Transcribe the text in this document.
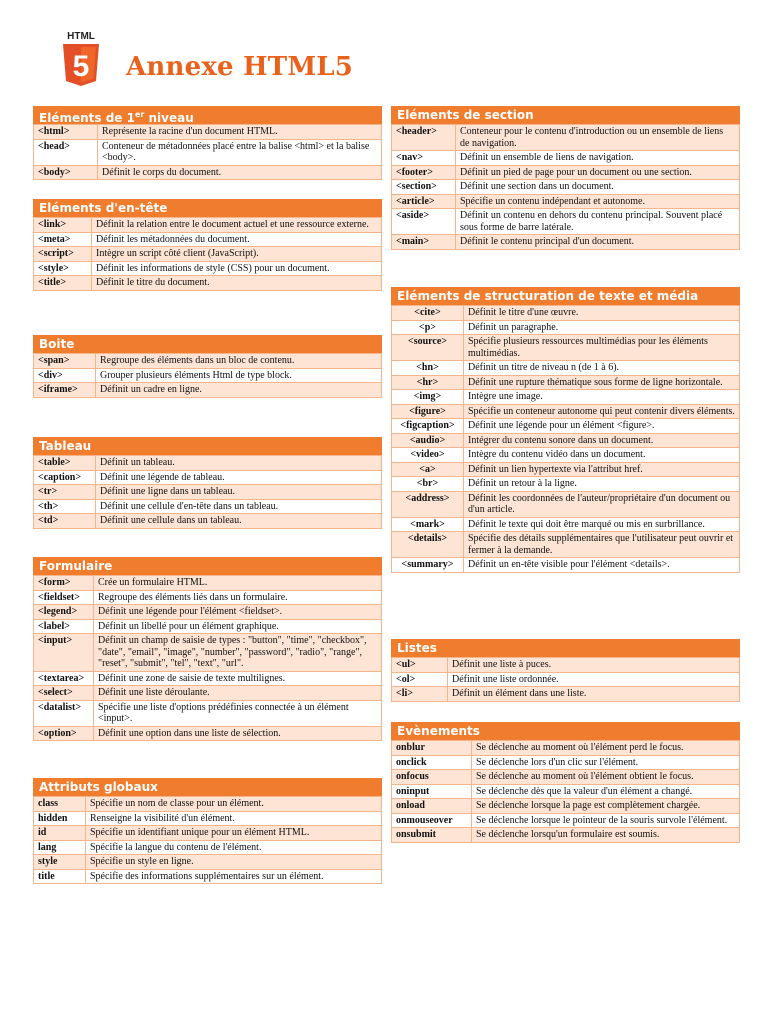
HTML
5 Annexe HTML5
Eléments de 1er niveau
<html>	Représente la racine d'un document HTML.
<head>	Conteneur de métadonnées placé entre la balise <html> et la balise <body>.
<body>	Définit le corps du document.
Eléments d'en-tête
<link>	Définit la relation entre le document actuel et une ressource externe.
<meta>	Définit les métadonnées du document.
<script>	Intègre un script côté client (JavaScript).
<style>	Définit les informations de style (CSS) pour un document.
<title>	Définit le titre du document.
Boite
<span>	Regroupe des éléments dans un bloc de contenu.
<div>	Grouper plusieurs éléments Html de type block.
<iframe>	Définit un cadre en ligne.
Tableau
<table>	Définit un tableau.
<caption>	Définit une légende de tableau.
<tr>	Définit une ligne dans un tableau.
<th>	Définit une cellule d'en-tête dans un tableau.
<td>	Définit une cellule dans un tableau.
Formulaire
<form>	Crée un formulaire HTML.
<fieldset>	Regroupe des éléments liés dans un formulaire.
<legend>	Définit une légende pour l'élément <fieldset>.
<label>	Définit un libellé pour un élément graphique.
<input>	Définit un champ de saisie de types : "button", "time", "checkbox", "date", "email", "image", "number", "password", "radio", "range", "reset", "submit", "tel", "text", "url".
<textarea>	Définit une zone de saisie de texte multilignes.
<select>	Définit une liste déroulante.
<datalist>	Spécifie une liste d'options prédéfinies connectée à un élément <input>.
<option>	Définit une option dans une liste de sélection.
Attributs globaux
class	Spécifie un nom de classe pour un élément.
hidden	Renseigne la visibilité d'un élément.
id	Spécifie un identifiant unique pour un élément HTML.
lang	Spécifie la langue du contenu de l'élément.
style	Spécifie un style en ligne.
title	Spécifie des informations supplémentaires sur un élément.
Eléments de section
<header>	Conteneur pour le contenu d'introduction ou un ensemble de liens de navigation.
<nav>	Définit un ensemble de liens de navigation.
<footer>	Définit un pied de page pour un document ou une section.
<section>	Définit une section dans un document.
<article>	Spécifie un contenu indépendant et autonome.
<aside>	Définit un contenu en dehors du contenu principal. Souvent placé sous forme de barre latérale.
<main>	Définit le contenu principal d'un document.
Eléments de structuration de texte et média
<cite>	Définit le titre d'une œuvre.
<p>	Définit un paragraphe.
<source>	Spécifie plusieurs ressources multimédias pour les éléments multimédias.
<hn>	Définit un titre de niveau n (de 1 à 6).
<hr>	Définit une rupture thématique sous forme de ligne horizontale.
<img>	Intègre une image.
<figure>	Spécifie un conteneur autonome qui peut contenir divers éléments.
<figcaption>	Définit une légende pour un élément <figure>.
<audio>	Intégrer du contenu sonore dans un document.
<video>	Intègre du contenu vidéo dans un document.
<a>	Définit un lien hypertexte via l'attribut href.
<br>	Définit un retour à la ligne.
<address>	Définit les coordonnées de l'auteur/propriétaire d'un document ou d'un article.
<mark>	Définit le texte qui doit être marqué ou mis en surbrillance.
<details>	Spécifie des détails supplémentaires que l'utilisateur peut ouvrir et fermer à la demande.
<summary>	Définit un en-tête visible pour l'élément <details>.
Listes
<ul>	Définit une liste à puces.
<ol>	Définit une liste ordonnée.
<li>	Définit un élément dans une liste.
Evènements
onblur	Se déclenche au moment où l'élément perd le focus.
onclick	Se déclenche lors d'un clic sur l'élément.
onfocus	Se déclenche au moment où l'élément obtient le focus.
oninput	Se déclenche dès que la valeur d'un élément a changé.
onload	Se déclenche lorsque la page est complètement chargée.
onmouseover	Se déclenche lorsque le pointeur de la souris survole l'élément.
onsubmit	Se déclenche lorsqu'un formulaire est soumis.
